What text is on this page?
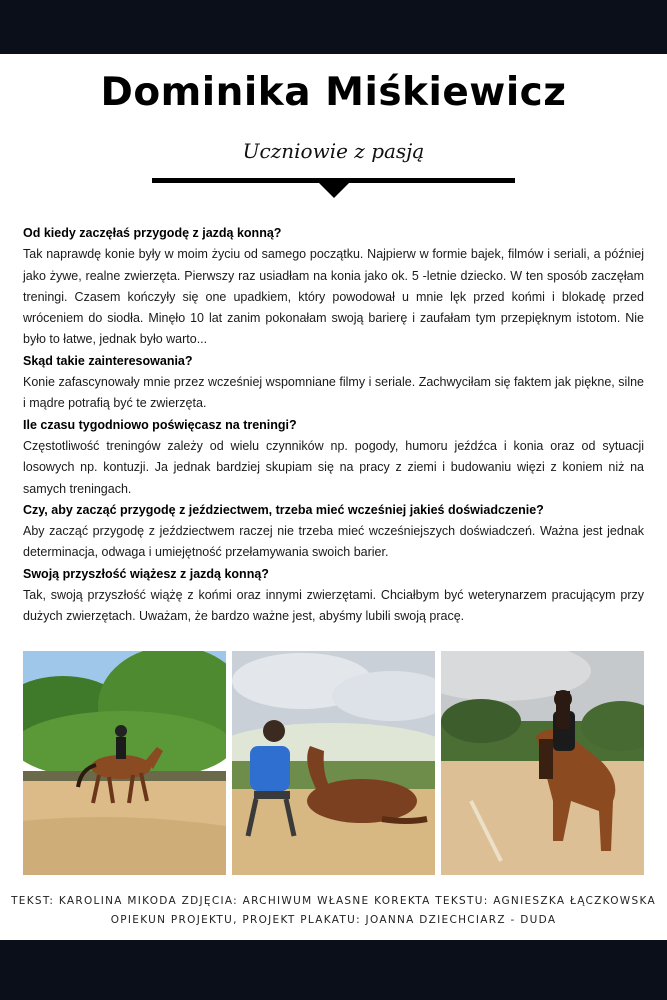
Dominika Miśkiewicz
Uczniowie z pasją
Od kiedy zaczęłaś przygodę z jazdą konną?
Tak naprawdę konie były w moim życiu od samego początku. Najpierw w formie bajek, filmów i seriali, a później jako żywe, realne zwierzęta. Pierwszy raz usiadłam na konia jako ok. 5 -letnie dziecko. W ten sposób zaczęłam treningi. Czasem kończyły się one upadkiem, który powodował u mnie lęk przed końmi i blokadę przed wróceniem do siodła. Minęło 10 lat zanim pokonałam swoją barierę i zaufałam tym przepięknym istotom. Nie było to łatwe, jednak było warto...
Skąd takie zainteresowania?
Konie zafascynowały mnie przez wcześniej wspomniane filmy i seriale. Zachwyciłam się faktem jak piękne, silne i mądre potrafią być te zwierzęta.
Ile czasu tygodniowo poświęcasz na treningi?
Częstotliwość treningów zależy od wielu czynników np. pogody, humoru jeźdźca i konia oraz od sytuacji losowych np. kontuzji. Ja jednak bardziej skupiam się na pracy z ziemi i budowaniu więzi z koniem niż na samych treningach.
Czy, aby zacząć przygodę z jeździectwem, trzeba mieć wcześniej jakieś doświadczenie?
Aby zacząć przygodę z jeździectwem raczej nie trzeba mieć wcześniejszych doświadczeń. Ważna jest jednak determinacja, odwaga i umiejętność przełamywania swoich barier.
Swoją przyszłość wiążesz z jazdą konną?
Tak, swoją przyszłość wiążę z końmi oraz innymi zwierzętami. Chciałbym być weterynarzem pracującym przy dużych zwierzętach. Uważam, że bardzo ważne jest, abyśmy lubili swoją pracę.
TEKST: KAROLINA MIKODA ZDJĘCIA: ARCHIWUM WŁASNE KOREKTA TEKSTU: AGNIESZKA ŁĄCZKOWSKA
OPIEKUN PROJEKTU, PROJEKT PLAKATU: JOANNA DZIECHCIARZ - DUDA
